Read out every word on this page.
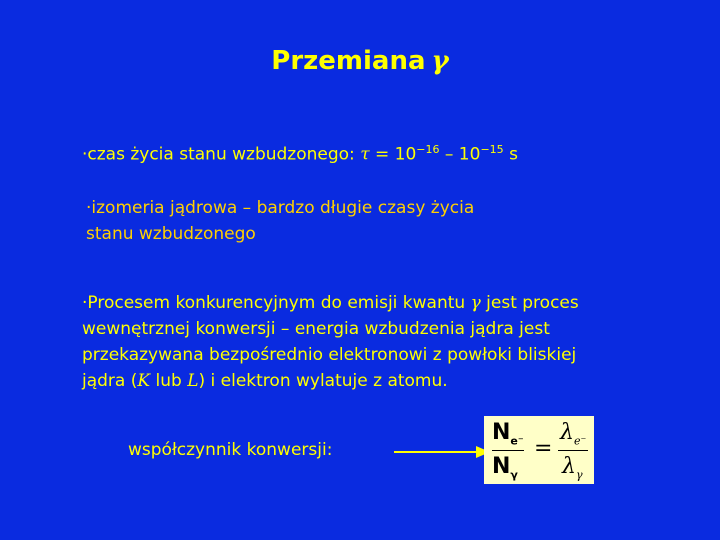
Przemiana γ
·czas życia stanu wzbudzonego: $\tau = 10^{-16} - 10^{-15}$ s
·izomeria jądrowa – bardzo długie czasy życia
stanu wzbudzonego
·Procesem konkurencyjnym do emisji kwantu γ jest proces
wewnętrznej konwersji – energia wzbudzenia jądra jest
przekazywana bezpośrednio elektronowi z powłoki bliskiej
jądra (K lub L) i elektron wylatuje z atomu.
współczynnik konwersji:
$N_{e^-}$
$N_\gamma$
=
$\lambda_{e^-}$
$\lambda_\gamma$
